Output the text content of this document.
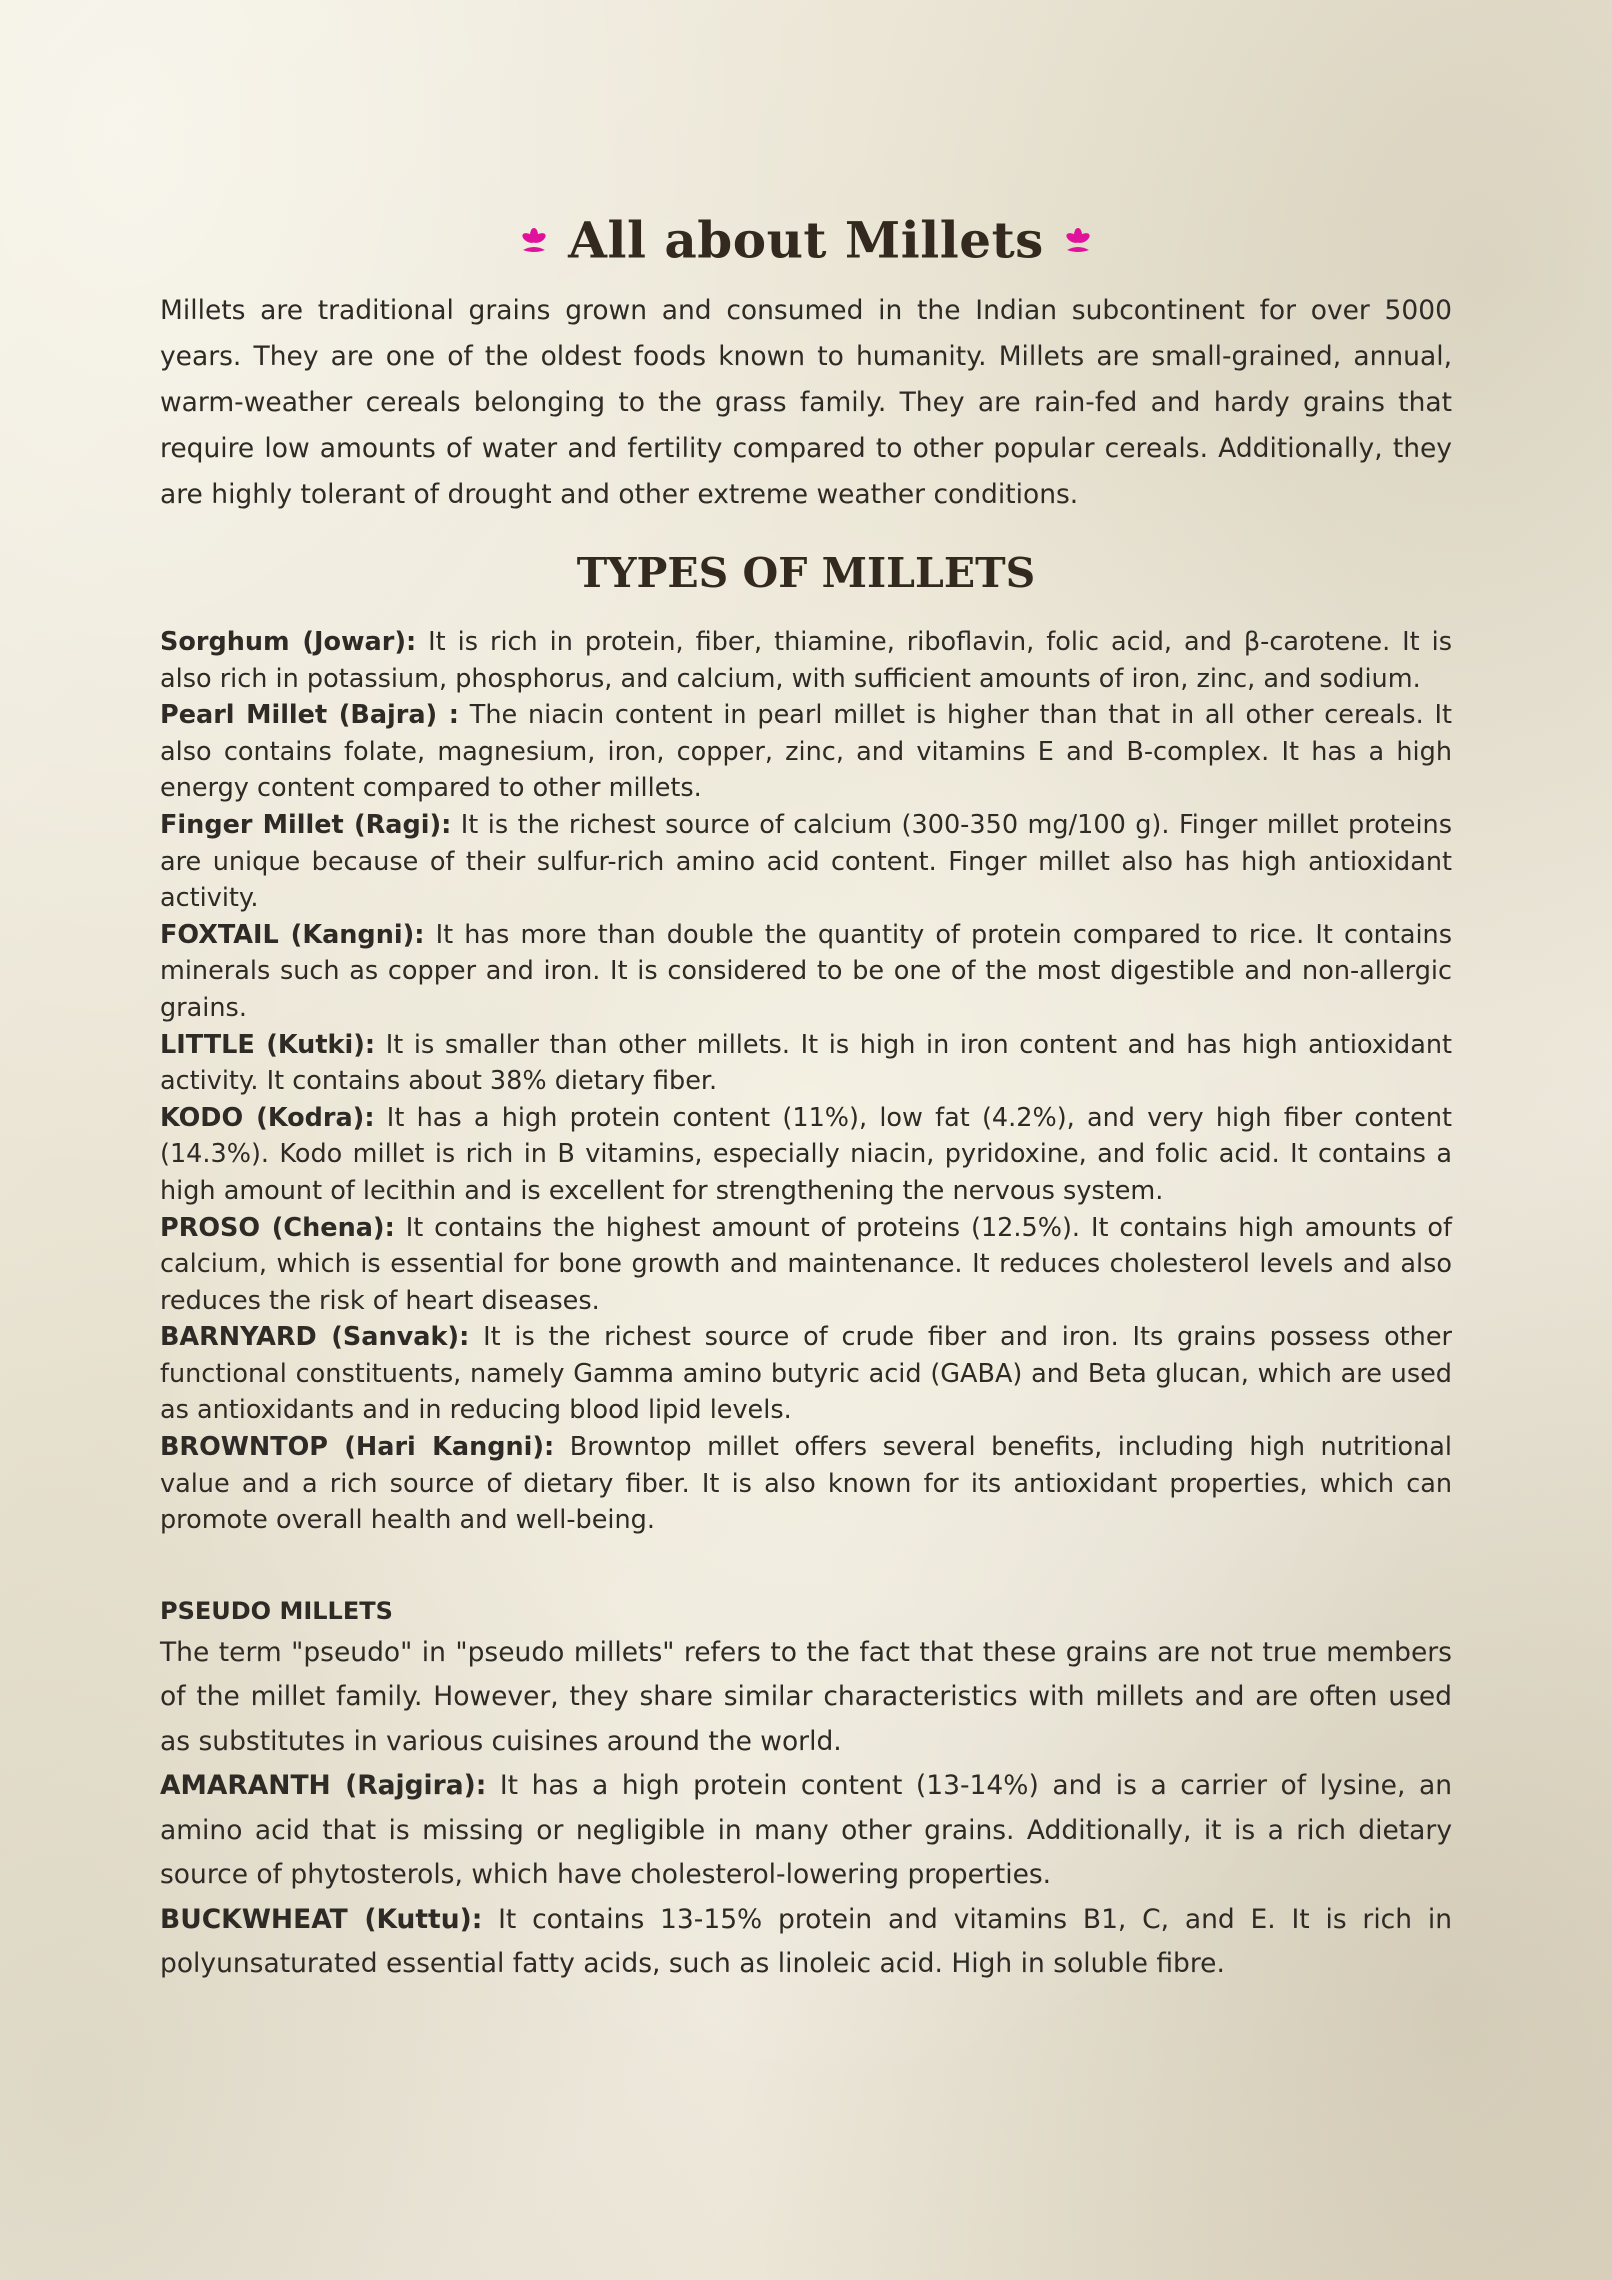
All about Millets

Millets are traditional grains grown and consumed in the Indian subcontinent for over 5000 years. They are one of the oldest foods known to humanity. Millets are small-grained, annual, warm-weather cereals belonging to the grass family. They are rain-fed and hardy grains that require low amounts of water and fertility compared to other popular cereals. Additionally, they are highly tolerant of drought and other extreme weather conditions.

TYPES OF MILLETS

Sorghum (Jowar): It is rich in protein, fiber, thiamine, riboflavin, folic acid, and β-carotene. It is also rich in potassium, phosphorus, and calcium, with sufficient amounts of iron, zinc, and sodium.

Pearl Millet (Bajra) : The niacin content in pearl millet is higher than that in all other cereals. It also contains folate, magnesium, iron, copper, zinc, and vitamins E and B-complex. It has a high energy content compared to other millets.

Finger Millet (Ragi): It is the richest source of calcium (300-350 mg/100 g). Finger millet proteins are unique because of their sulfur-rich amino acid content. Finger millet also has high antioxidant activity.

FOXTAIL (Kangni): It has more than double the quantity of protein compared to rice. It contains minerals such as copper and iron. It is considered to be one of the most digestible and non-allergic grains.

LITTLE (Kutki): It is smaller than other millets. It is high in iron content and has high antioxidant activity. It contains about 38% dietary fiber.

KODO (Kodra): It has a high protein content (11%), low fat (4.2%), and very high fiber content (14.3%). Kodo millet is rich in B vitamins, especially niacin, pyridoxine, and folic acid. It contains a high amount of lecithin and is excellent for strengthening the nervous system.

PROSO (Chena): It contains the highest amount of proteins (12.5%). It contains high amounts of calcium, which is essential for bone growth and maintenance. It reduces cholesterol levels and also reduces the risk of heart diseases.

BARNYARD (Sanvak): It is the richest source of crude fiber and iron. Its grains possess other functional constituents, namely Gamma amino butyric acid (GABA) and Beta glucan, which are used as antioxidants and in reducing blood lipid levels.

BROWNTOP (Hari Kangni): Browntop millet offers several benefits, including high nutritional value and a rich source of dietary fiber. It is also known for its antioxidant properties, which can promote overall health and well-being.

PSEUDO MILLETS

The term "pseudo" in "pseudo millets" refers to the fact that these grains are not true members of the millet family. However, they share similar characteristics with millets and are often used as substitutes in various cuisines around the world.

AMARANTH (Rajgira): It has a high protein content (13-14%) and is a carrier of lysine, an amino acid that is missing or negligible in many other grains. Additionally, it is a rich dietary source of phytosterols, which have cholesterol-lowering properties.

BUCKWHEAT (Kuttu): It contains 13-15% protein and vitamins B1, C, and E. It is rich in polyunsaturated essential fatty acids, such as linoleic acid. High in soluble fibre.
